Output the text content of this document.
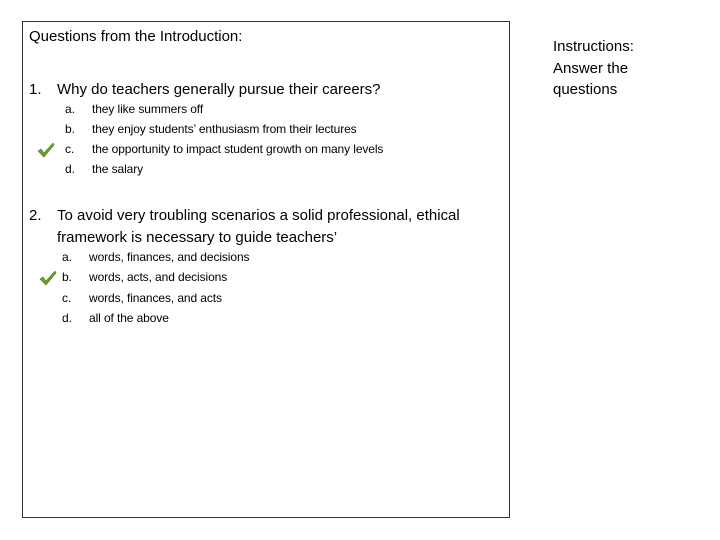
Questions from the Introduction:
1. Why do teachers generally pursue their careers?
a. they like summers off
b. they enjoy students’ enthusiasm from their lectures
c. the opportunity to impact student growth on many levels
d. the salary
2. To avoid very troubling scenarios a solid professional, ethical
framework is necessary to guide teachers’
a. words, finances, and decisions
b. words, acts, and decisions
c. words, finances, and acts
d. all of the above
Instructions: Answer the questions
